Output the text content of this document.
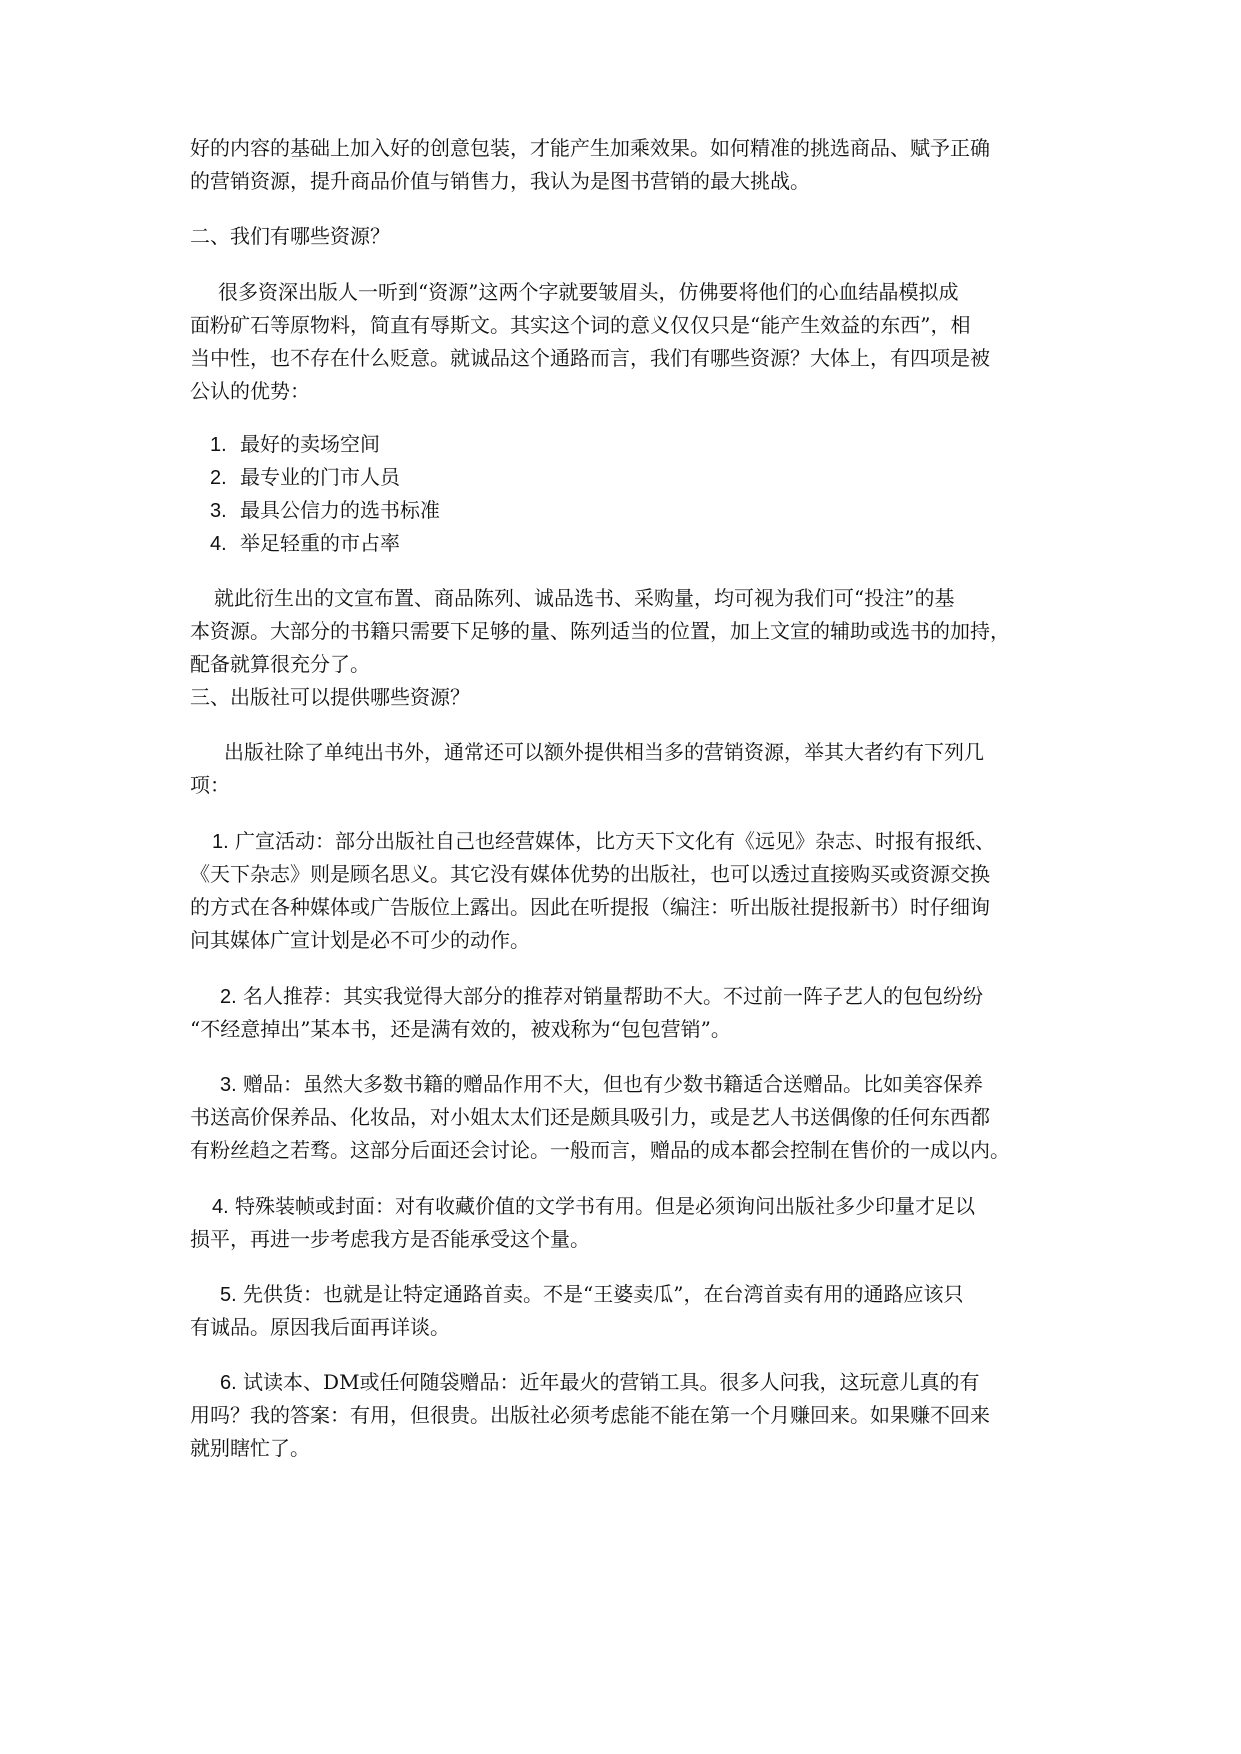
好的内容的基础上加入好的创意包装，才能产生加乘效果。如何精准的挑选商品、赋予正确
的营销资源，提升商品价值与销售力，我认为是图书营销的最大挑战。
二、我们有哪些资源？
很多资深出版人一听到“资源”这两个字就要皱眉头，仿佛要将他们的心血结晶模拟成
面粉矿石等原物料，简直有辱斯文。其实这个词的意义仅仅只是“能产生效益的东西”，相
当中性，也不存在什么贬意。就诚品这个通路而言，我们有哪些资源？大体上，有四项是被
公认的优势：
1. 最好的卖场空间
2. 最专业的门市人员
3. 最具公信力的选书标准
4. 举足轻重的市占率
就此衍生出的文宣布置、商品陈列、诚品选书、采购量，均可视为我们可“投注”的基
本资源。大部分的书籍只需要下足够的量、陈列适当的位置，加上文宣的辅助或选书的加持，
配备就算很充分了。
三、出版社可以提供哪些资源？
出版社除了单纯出书外，通常还可以额外提供相当多的营销资源，举其大者约有下列几
项：
1. 广宣活动：部分出版社自己也经营媒体，比方天下文化有《远见》杂志、时报有报纸、
《天下杂志》则是顾名思义。其它没有媒体优势的出版社，也可以透过直接购买或资源交换
的方式在各种媒体或广告版位上露出。因此在听提报（编注：听出版社提报新书）时仔细询
问其媒体广宣计划是必不可少的动作。
2. 名人推荐：其实我觉得大部分的推荐对销量帮助不大。不过前一阵子艺人的包包纷纷
“不经意掉出”某本书，还是满有效的，被戏称为“包包营销”。
3. 赠品：虽然大多数书籍的赠品作用不大，但也有少数书籍适合送赠品。比如美容保养
书送高价保养品、化妆品，对小姐太太们还是颇具吸引力，或是艺人书送偶像的任何东西都
有粉丝趋之若骛。这部分后面还会讨论。一般而言，赠品的成本都会控制在售价的一成以内。
4. 特殊装帧或封面：对有收藏价值的文学书有用。但是必须询问出版社多少印量才足以
损平，再进一步考虑我方是否能承受这个量。
5. 先供货：也就是让特定通路首卖。不是“王婆卖瓜”，在台湾首卖有用的通路应该只
有诚品。原因我后面再详谈。
6. 试读本、DM或任何随袋赠品：近年最火的营销工具。很多人问我，这玩意儿真的有
用吗？我的答案：有用，但很贵。出版社必须考虑能不能在第一个月赚回来。如果赚不回来
就别瞎忙了。
